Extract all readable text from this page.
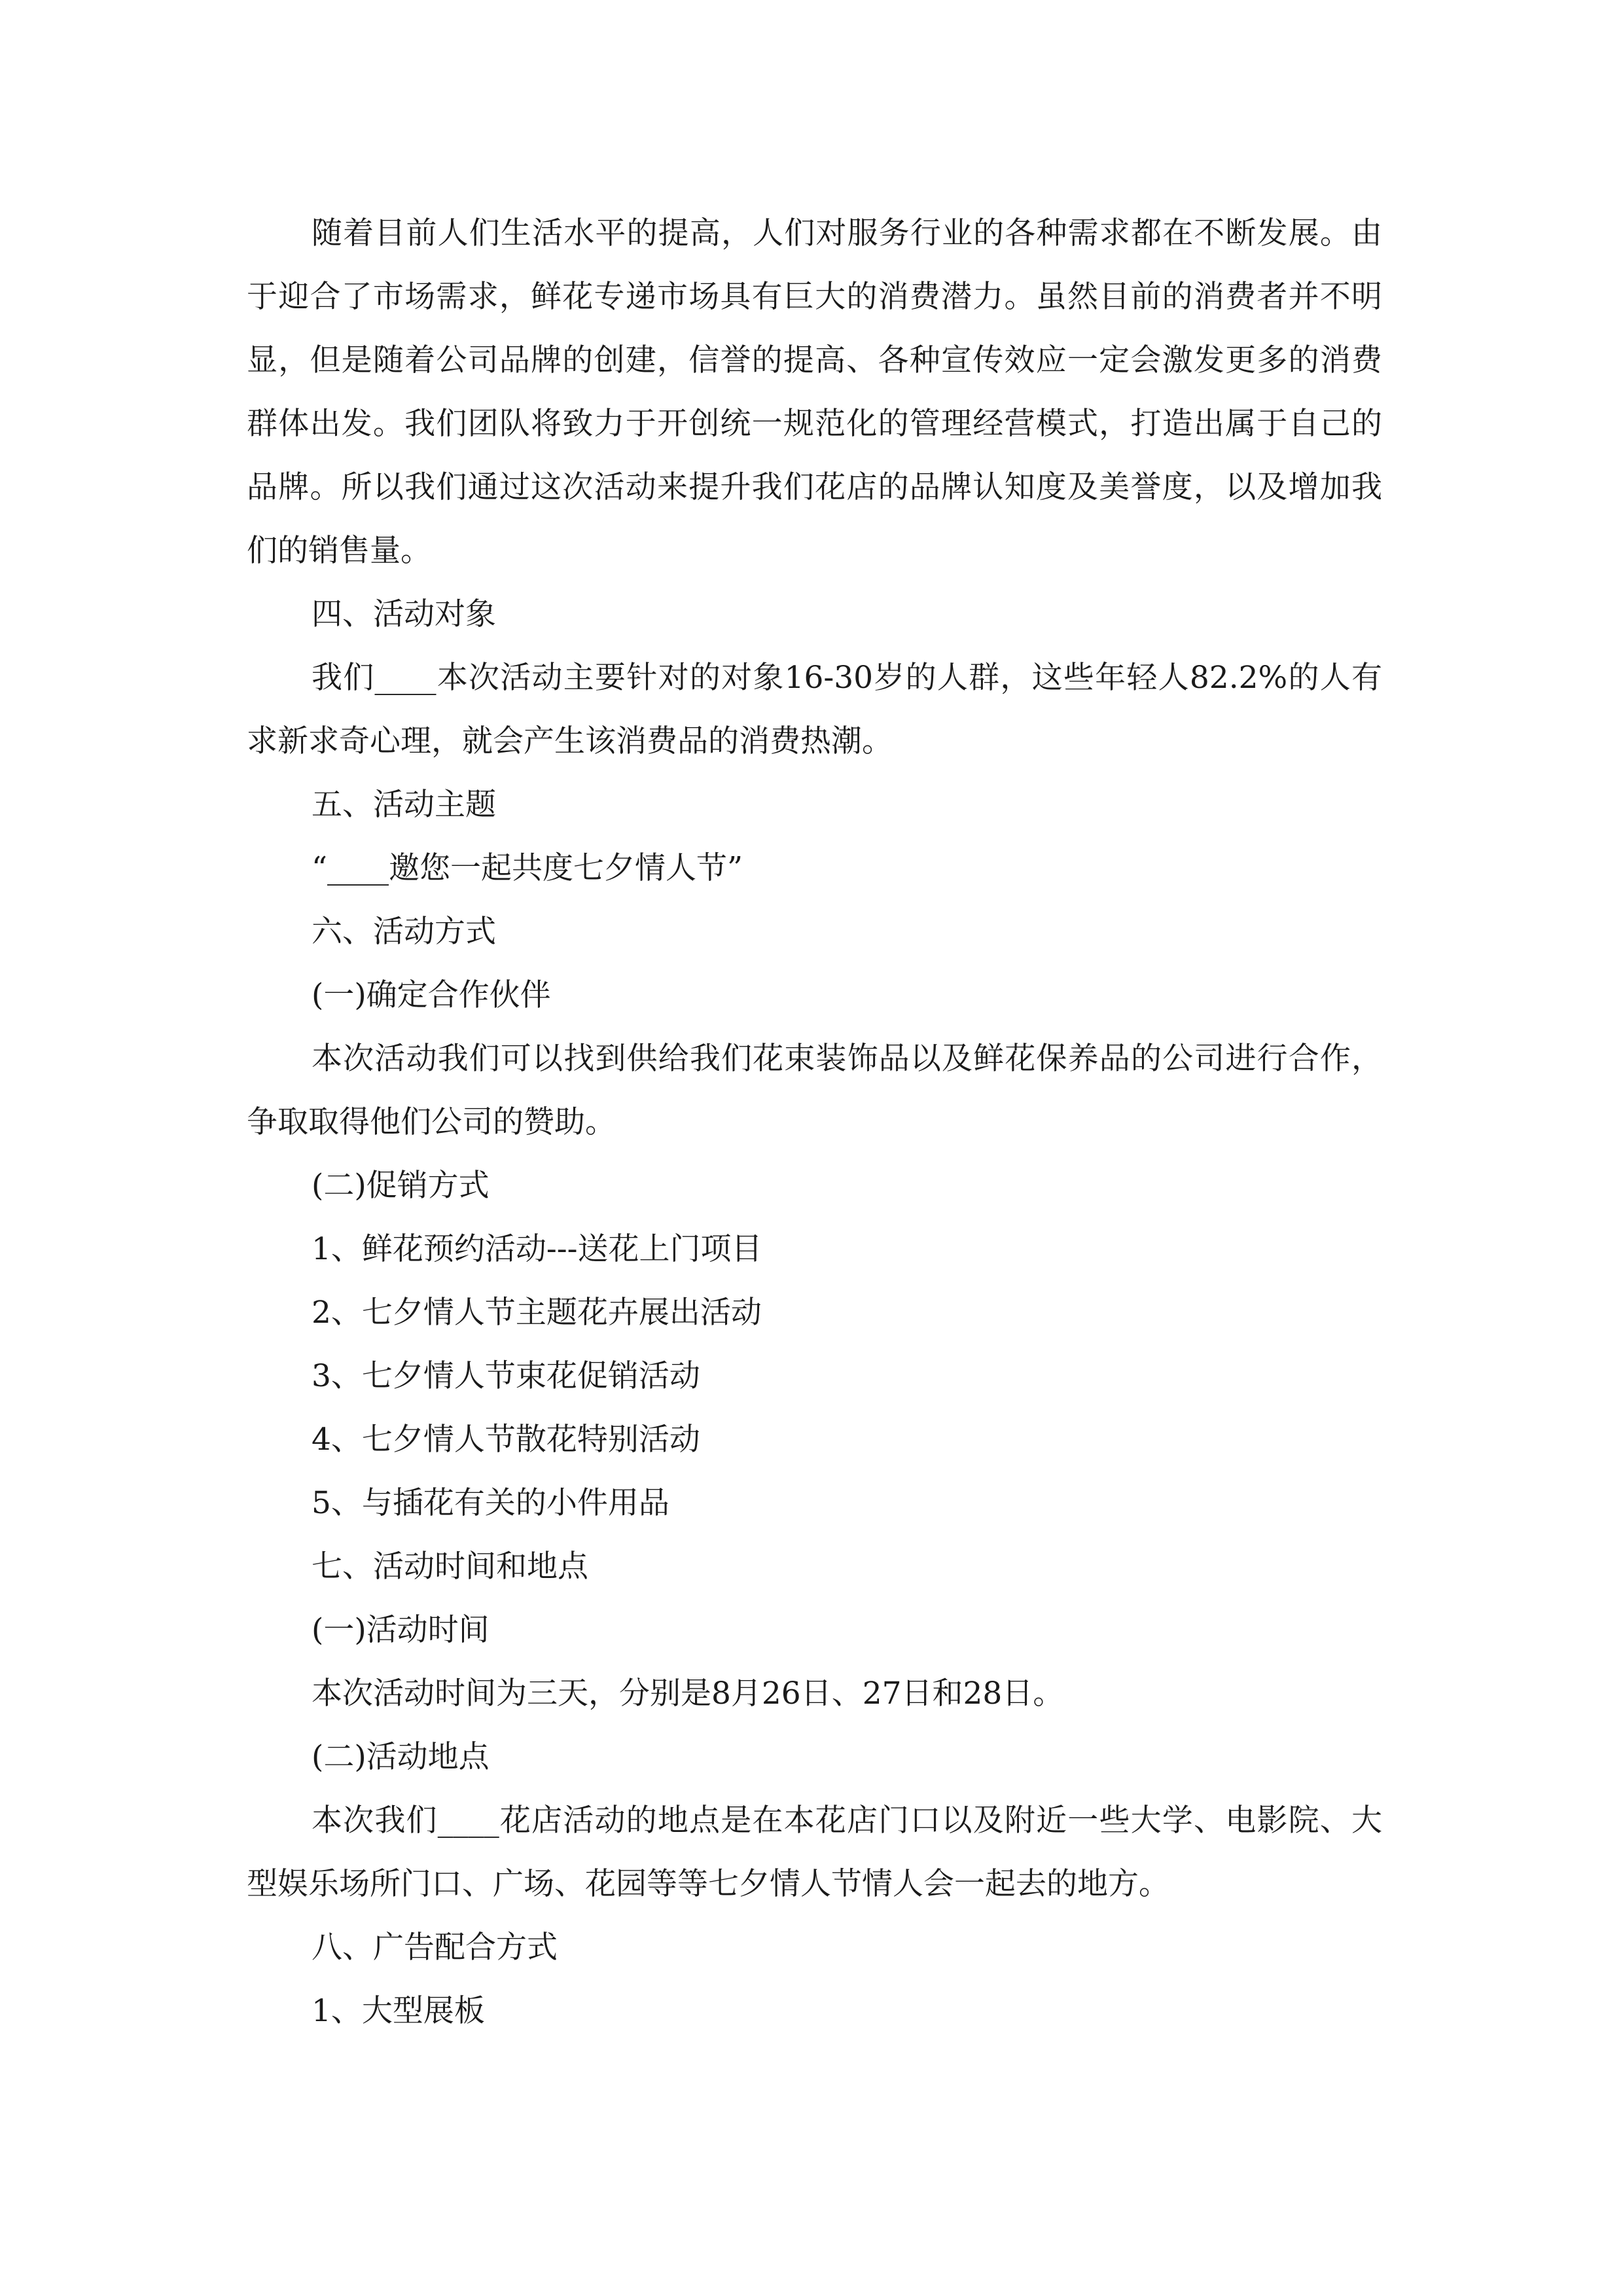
随着目前人们生活水平的提高，人们对服务行业的各种需求都在不断发展。由于迎合了市场需求，鲜花专递市场具有巨大的消费潜力。虽然目前的消费者并不明显，但是随着公司品牌的创建，信誉的提高、各种宣传效应一定会激发更多的消费群体出发。我们团队将致力于开创统一规范化的管理经营模式，打造出属于自己的品牌。所以我们通过这次活动来提升我们花店的品牌认知度及美誉度，以及增加我们的销售量。

四、活动对象

我们____本次活动主要针对的对象16-30岁的人群，这些年轻人82.2%的人有求新求奇心理，就会产生该消费品的消费热潮。

五、活动主题

“____邀您一起共度七夕情人节”

六、活动方式

(一)确定合作伙伴

本次活动我们可以找到供给我们花束装饰品以及鲜花保养品的公司进行合作，争取取得他们公司的赞助。

(二)促销方式

1、鲜花预约活动---送花上门项目

2、七夕情人节主题花卉展出活动

3、七夕情人节束花促销活动

4、七夕情人节散花特别活动

5、与插花有关的小件用品

七、活动时间和地点

(一)活动时间

本次活动时间为三天，分别是8月26日、27日和28日。

(二)活动地点

本次我们____花店活动的地点是在本花店门口以及附近一些大学、电影院、大型娱乐场所门口、广场、花园等等七夕情人节情人会一起去的地方。

八、广告配合方式

1、大型展板
